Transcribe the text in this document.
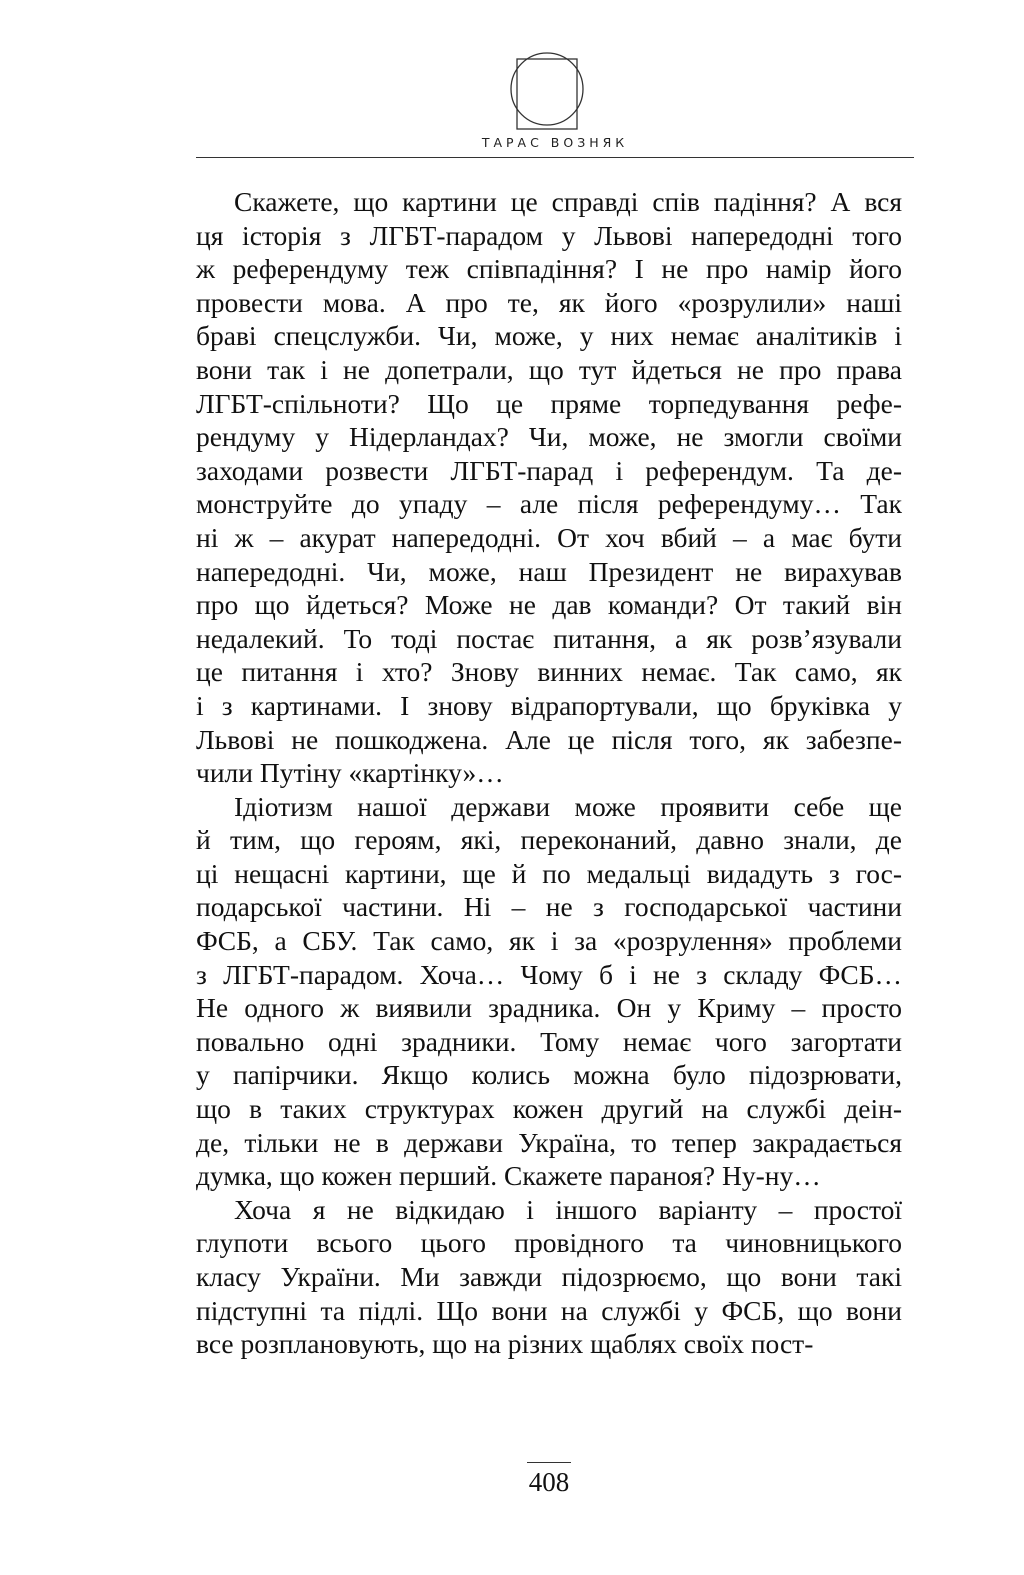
ТАРАС ВОЗНЯК
Скажете, що картини це справді спів падіння? А вся
ця історія з ЛГБТ-парадом у Львові напередодні того
ж референдуму теж співпадіння? І не про намір його
провести мова. А про те, як його «розрулили» наші
браві спецслужби. Чи, може, у них немає аналітиків і
вони так і не допетрали, що тут йдеться не про права
ЛГБТ-спільноти? Що це пряме торпедування рефе-
рендуму у Нідерландах? Чи, може, не змогли своїми
заходами розвести ЛГБТ-парад і референдум. Та де-
монструйте до упаду – але після референдуму… Так
ні ж – акурат напередодні. От хоч вбий – а має бути
напередодні. Чи, може, наш Президент не вирахував
про що йдеться? Може не дав команди? От такий він
недалекий. То тоді постає питання, а як розв’язували
це питання і хто? Знову винних немає. Так само, як
і з картинами. І знову відрапортували, що бруківка у
Львові не пошкоджена. Але це після того, як забезпе-
чили Путіну «картінку»…
Ідіотизм нашої держави може проявити себе ще
й тим, що героям, які, переконаний, давно знали, де
ці нещасні картини, ще й по медальці видадуть з гос-
подарської частини. Ні – не з господарської частини
ФСБ, а СБУ. Так само, як і за «розрулення» проблеми
з ЛГБТ-парадом. Хоча… Чому б і не з складу ФСБ…
Не одного ж виявили зрадника. Он у Криму – просто
повально одні зрадники. Тому немає чого загортати
у папірчики. Якщо колись можна було підозрювати,
що в таких структурах кожен другий на службі деін-
де, тільки не в держави Україна, то тепер закрадається
думка, що кожен перший. Скажете параноя? Ну-ну…
Хоча я не відкидаю і іншого варіанту – простої
глупоти всього цього провідного та чиновницького
класу України. Ми завжди підозрюємо, що вони такі
підступні та підлі. Що вони на службі у ФСБ, що вони
все розплановують, що на різних щаблях своїх пост-
408
